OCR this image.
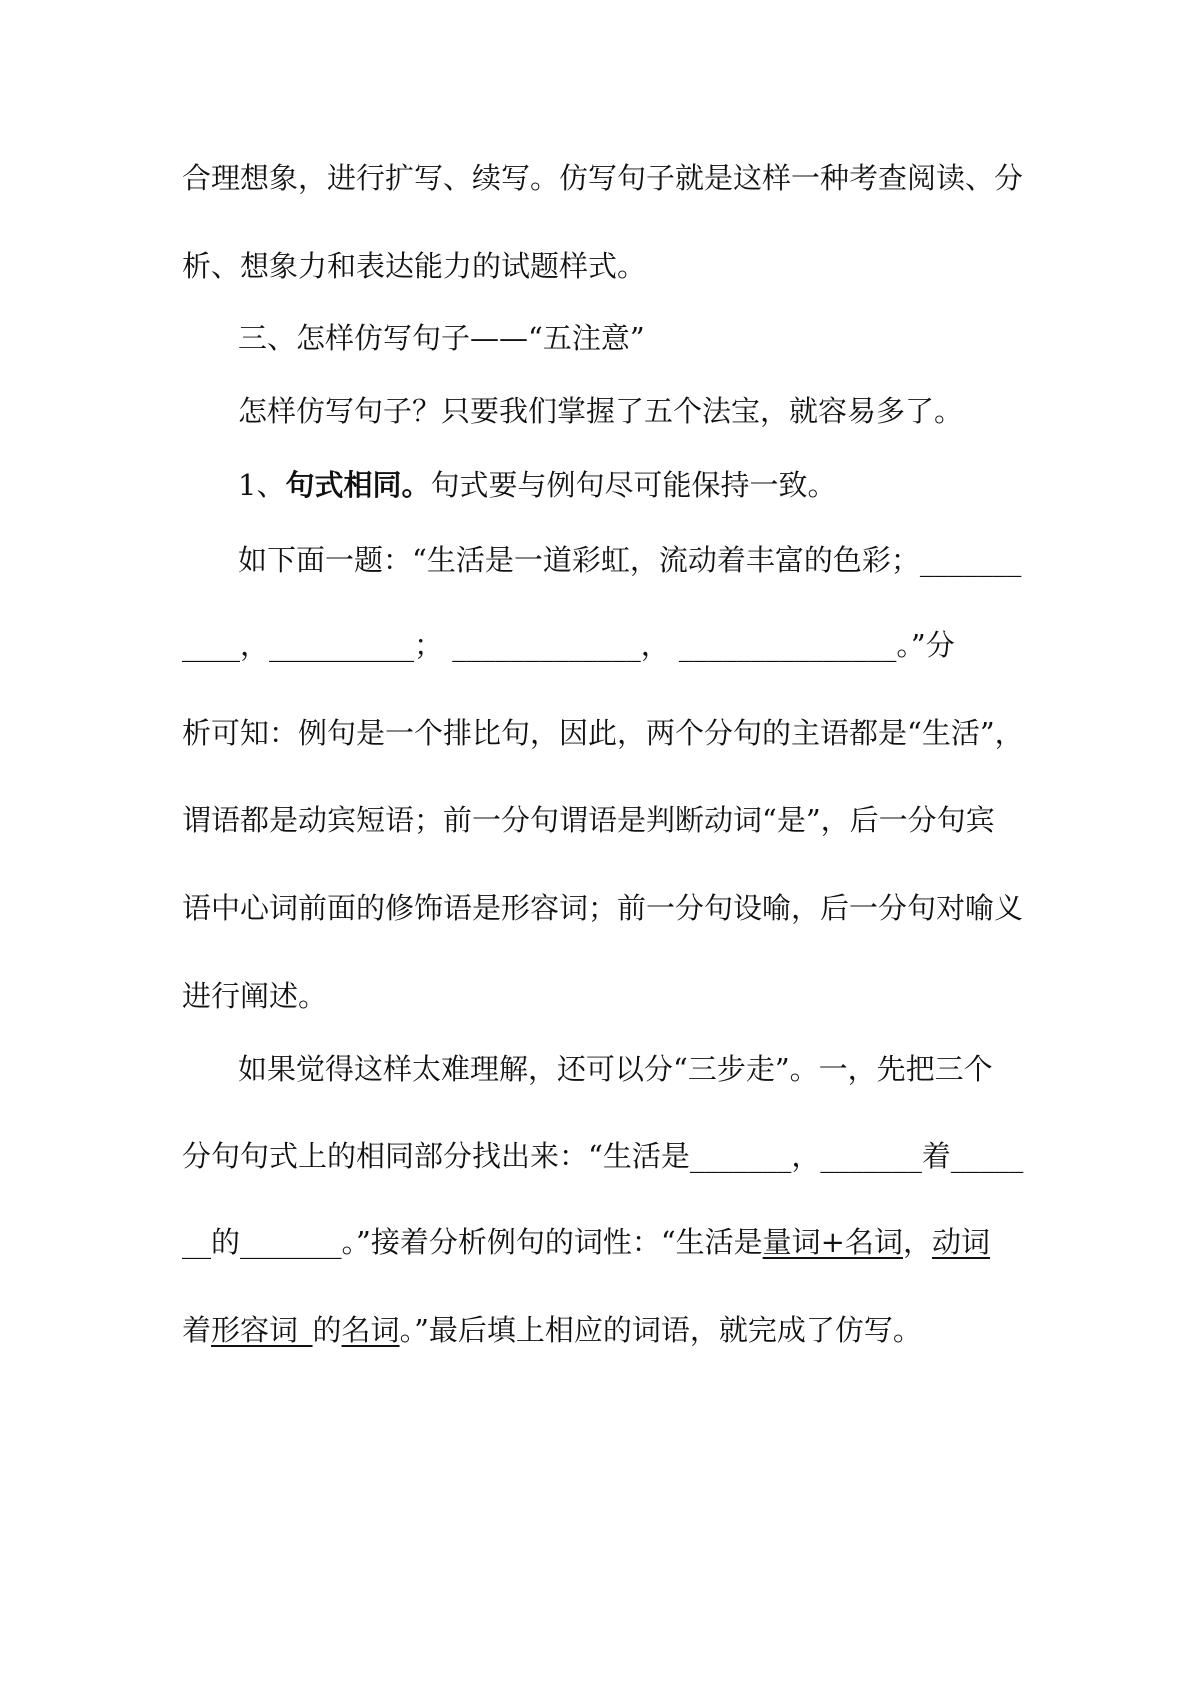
合理想象，进行扩写、续写。仿写句子就是这样一种考查阅读、分
析、想象力和表达能力的试题样式。
三、怎样仿写句子——“五注意”
怎样仿写句子？只要我们掌握了五个法宝，就容易多了。
1、句式相同。句式要与例句尽可能保持一致。
如下面一题：“生活是一道彩虹，流动着丰富的色彩；_______
____，__________； _____________， _______________。”分
析可知：例句是一个排比句，因此，两个分句的主语都是“生活”，
谓语都是动宾短语；前一分句谓语是判断动词“是”，后一分句宾
语中心词前面的修饰语是形容词；前一分句设喻，后一分句对喻义
进行阐述。
如果觉得这样太难理解，还可以分“三步走”。一，先把三个
分句句式上的相同部分找出来：“生活是_______，_______着_____
__的_______。”接着分析例句的词性：“生活是量词+名词，动词
着形容词_的名词。”最后填上相应的词语，就完成了仿写。
